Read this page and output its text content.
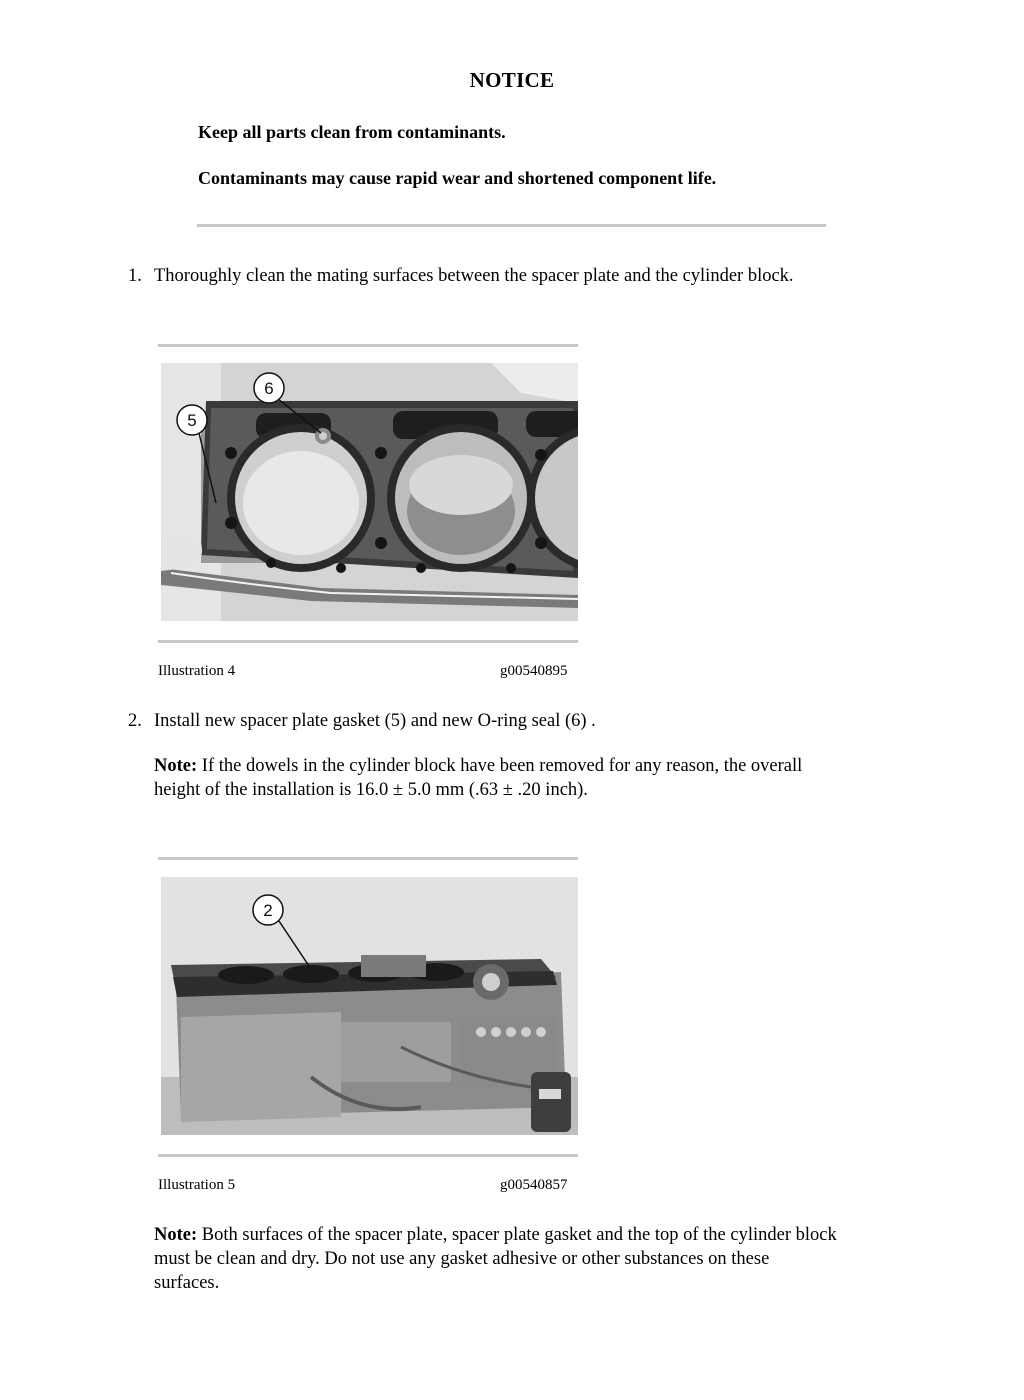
NOTICE
Keep all parts clean from contaminants.
Contaminants may cause rapid wear and shortened component life.
1. Thoroughly clean the mating surfaces between the spacer plate and the cylinder block.
5
6
Illustration 4	g00540895
2. Install new spacer plate gasket (5) and new O-ring seal (6) .
Note: If the dowels in the cylinder block have been removed for any reason, the overall
height of the installation is 16.0 ± 5.0 mm (.63 ± .20 inch).
2
Illustration 5	g00540857
Note: Both surfaces of the spacer plate, spacer plate gasket and the top of the cylinder block
must be clean and dry. Do not use any gasket adhesive or other substances on these
surfaces.
